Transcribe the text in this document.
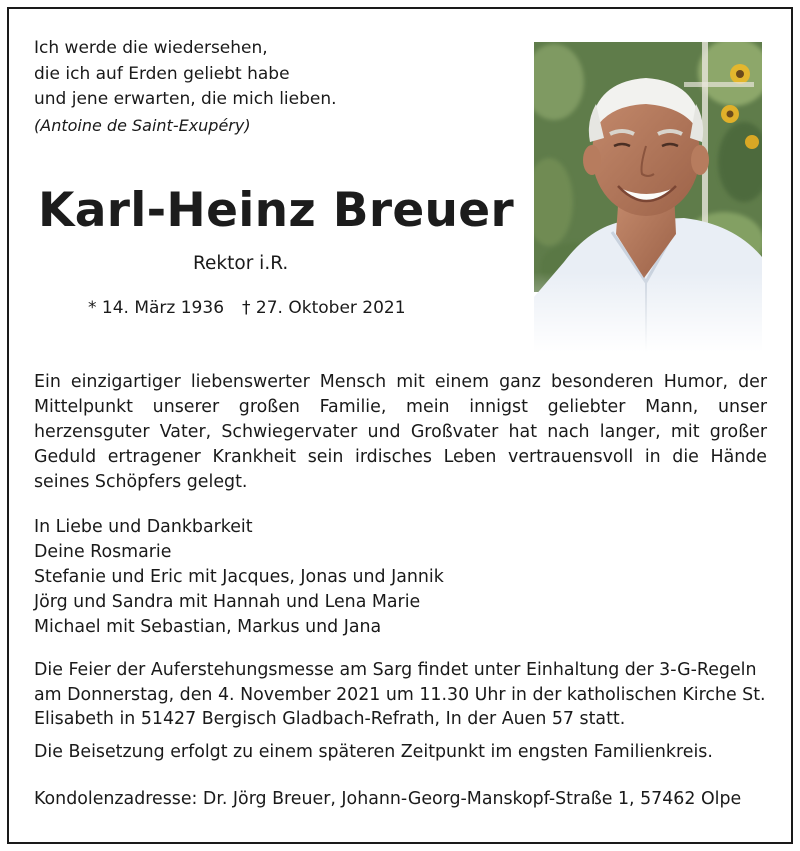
Ich werde die wiedersehen,
die ich auf Erden geliebt habe
und jene erwarten, die mich lieben.
(Antoine de Saint-Exupéry)
Karl-Heinz Breuer
Rektor i.R.
* 14. März 1936 † 27. Oktober 2021
Ein einzigartiger liebenswerter Mensch mit einem ganz besonderen Humor, der Mittelpunkt unserer großen Familie, mein innigst geliebter Mann, unser herzensguter Vater, Schwiegervater und Großvater hat nach langer, mit großer Geduld ertragener Krankheit sein irdisches Leben vertrauensvoll in die Hände seines Schöpfers gelegt.
In Liebe und Dankbarkeit
Deine Rosmarie
Stefanie und Eric mit Jacques, Jonas und Jannik
Jörg und Sandra mit Hannah und Lena Marie
Michael mit Sebastian, Markus und Jana
Die Feier der Auferstehungsmesse am Sarg findet unter Einhaltung der 3-G-Regeln am Donnerstag, den 4. November 2021 um 11.30 Uhr in der katholischen Kirche St. Elisabeth in 51427 Bergisch Gladbach-Refrath, In der Auen 57 statt.
Die Beisetzung erfolgt zu einem späteren Zeitpunkt im engsten Familienkreis.
Kondolenzadresse: Dr. Jörg Breuer, Johann-Georg-Manskopf-Straße 1, 57462 Olpe
